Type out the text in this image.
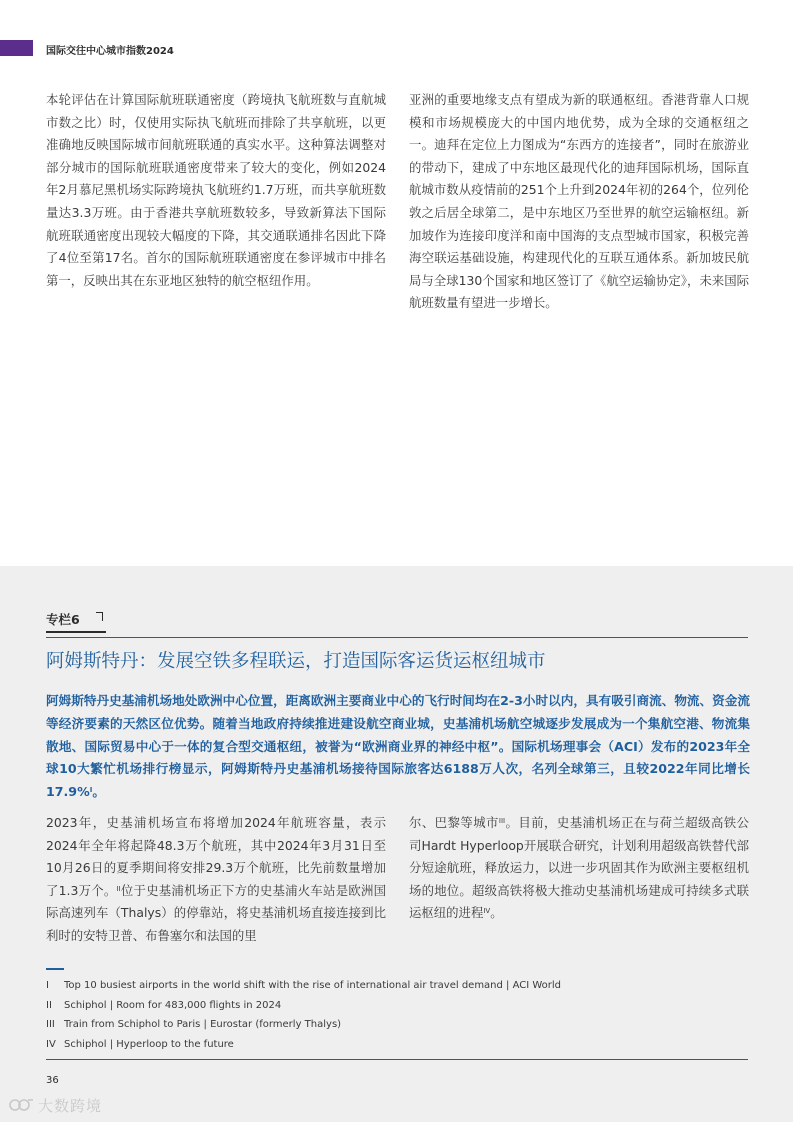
国际交往中心城市指数2024
本轮评估在计算国际航班联通密度（跨境执飞航班数与直航城市数之比）时，仅使用实际执飞航班而排除了共享航班，以更准确地反映国际城市间航班联通的真实水平。这种算法调整对部分城市的国际航班联通密度带来了较大的变化，例如2024年2月慕尼黑机场实际跨境执飞航班约1.7万班，而共享航班数量达3.3万班。由于香港共享航班数较多，导致新算法下国际航班联通密度出现较大幅度的下降，其交通联通排名因此下降了4位至第17名。首尔的国际航班联通密度在参评城市中排名第一，反映出其在东亚地区独特的航空枢纽作用。
亚洲的重要地缘支点有望成为新的联通枢纽。香港背靠人口规模和市场规模庞大的中国内地优势，成为全球的交通枢纽之一。迪拜在定位上力图成为“东西方的连接者”，同时在旅游业的带动下，建成了中东地区最现代化的迪拜国际机场，国际直航城市数从疫情前的251个上升到2024年初的264个，位列伦敦之后居全球第二，是中东地区乃至世界的航空运输枢纽。新加坡作为连接印度洋和南中国海的支点型城市国家，积极完善海空联运基础设施，构建现代化的互联互通体系。新加坡民航局与全球130个国家和地区签订了《航空运输协定》，未来国际航班数量有望进一步增长。
专栏6
阿姆斯特丹：发展空铁多程联运，打造国际客运货运枢纽城市
阿姆斯特丹史基浦机场地处欧洲中心位置，距离欧洲主要商业中心的飞行时间均在2-3小时以内，具有吸引商流、物流、资金流等经济要素的天然区位优势。随着当地政府持续推进建设航空商业城，史基浦机场航空城逐步发展成为一个集航空港、物流集散地、国际贸易中心于一体的复合型交通枢纽，被誉为“欧洲商业界的神经中枢”。国际机场理事会（ACI）发布的2023年全球10大繁忙机场排行榜显示，阿姆斯特丹史基浦机场接待国际旅客达6188万人次，名列全球第三，且较2022年同比增长17.9%$^I$。
2023年，史基浦机场宣布将增加2024年航班容量，表示2024年全年将起降48.3万个航班，其中2024年3月31日至10月26日的夏季期间将安排29.3万个航班，比先前数量增加了1.3万个。$^{II}$位于史基浦机场正下方的史基浦火车站是欧洲国际高速列车（Thalys）的停靠站，将史基浦机场直接连接到比利时的安特卫普、布鲁塞尔和法国的里
尔、巴黎等城市$^{III}$。目前，史基浦机场正在与荷兰超级高铁公司Hardt Hyperloop开展联合研究，计划利用超级高铁替代部分短途航班，释放运力，以进一步巩固其作为欧洲主要枢纽机场的地位。超级高铁将极大推动史基浦机场建成可持续多式联运枢纽的进程$^{IV}$。
I Top 10 busiest airports in the world shift with the rise of international air travel demand | ACI World
II Schiphol | Room for 483,000 flights in 2024
III Train from Schiphol to Paris | Eurostar (formerly Thalys)
IV Schiphol | Hyperloop to the future
36
大数跨境
